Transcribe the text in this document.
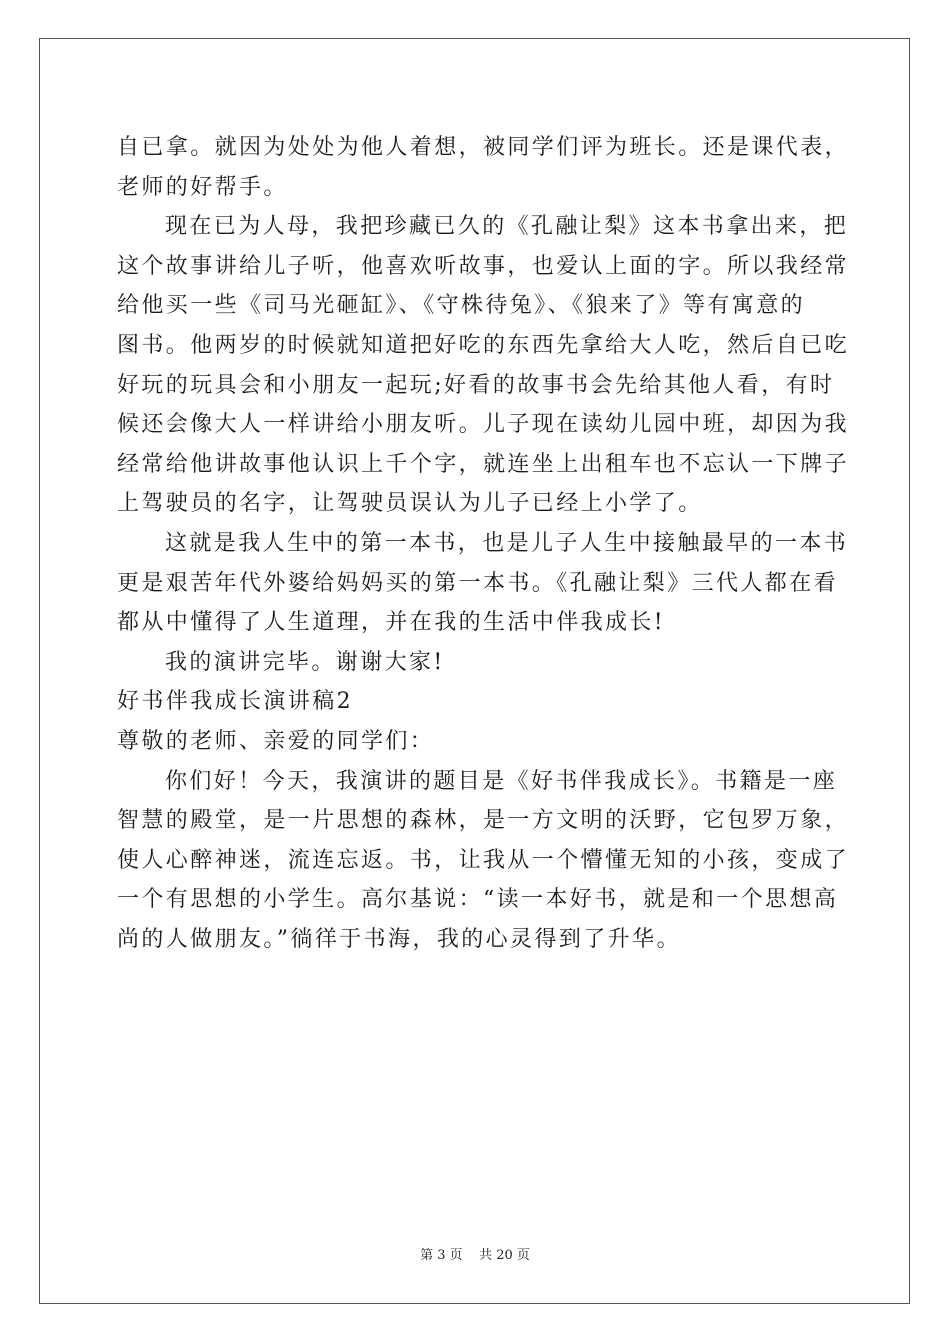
自已拿。就因为处处为他人着想，被同学们评为班长。还是课代表，
老师的好帮手。
现在已为人母，我把珍藏已久的《孔融让梨》这本书拿出来，把
这个故事讲给儿子听，他喜欢听故事，也爱认上面的字。所以我经常
给他买一些《司马光砸缸》、《守株待兔》、《狼来了》等有寓意的
图书。他两岁的时候就知道把好吃的东西先拿给大人吃，然后自已吃
好玩的玩具会和小朋友一起玩;好看的故事书会先给其他人看，有时
候还会像大人一样讲给小朋友听。儿子现在读幼儿园中班，却因为我
经常给他讲故事他认识上千个字，就连坐上出租车也不忘认一下牌子
上驾驶员的名字，让驾驶员误认为儿子已经上小学了。
这就是我人生中的第一本书，也是儿子人生中接触最早的一本书
更是艰苦年代外婆给妈妈买的第一本书。《孔融让梨》三代人都在看
都从中懂得了人生道理，并在我的生活中伴我成长!
我的演讲完毕。谢谢大家!
好书伴我成长演讲稿2
尊敬的老师、亲爱的同学们：
你们好！今天，我演讲的题目是《好书伴我成长》。书籍是一座
智慧的殿堂，是一片思想的森林，是一方文明的沃野，它包罗万象，
使人心醉神迷，流连忘返。书，让我从一个懵懂无知的小孩，变成了
一个有思想的小学生。高尔基说：“读一本好书，就是和一个思想高
尚的人做朋友。”徜徉于书海，我的心灵得到了升华。
第 3 页    共 20 页
